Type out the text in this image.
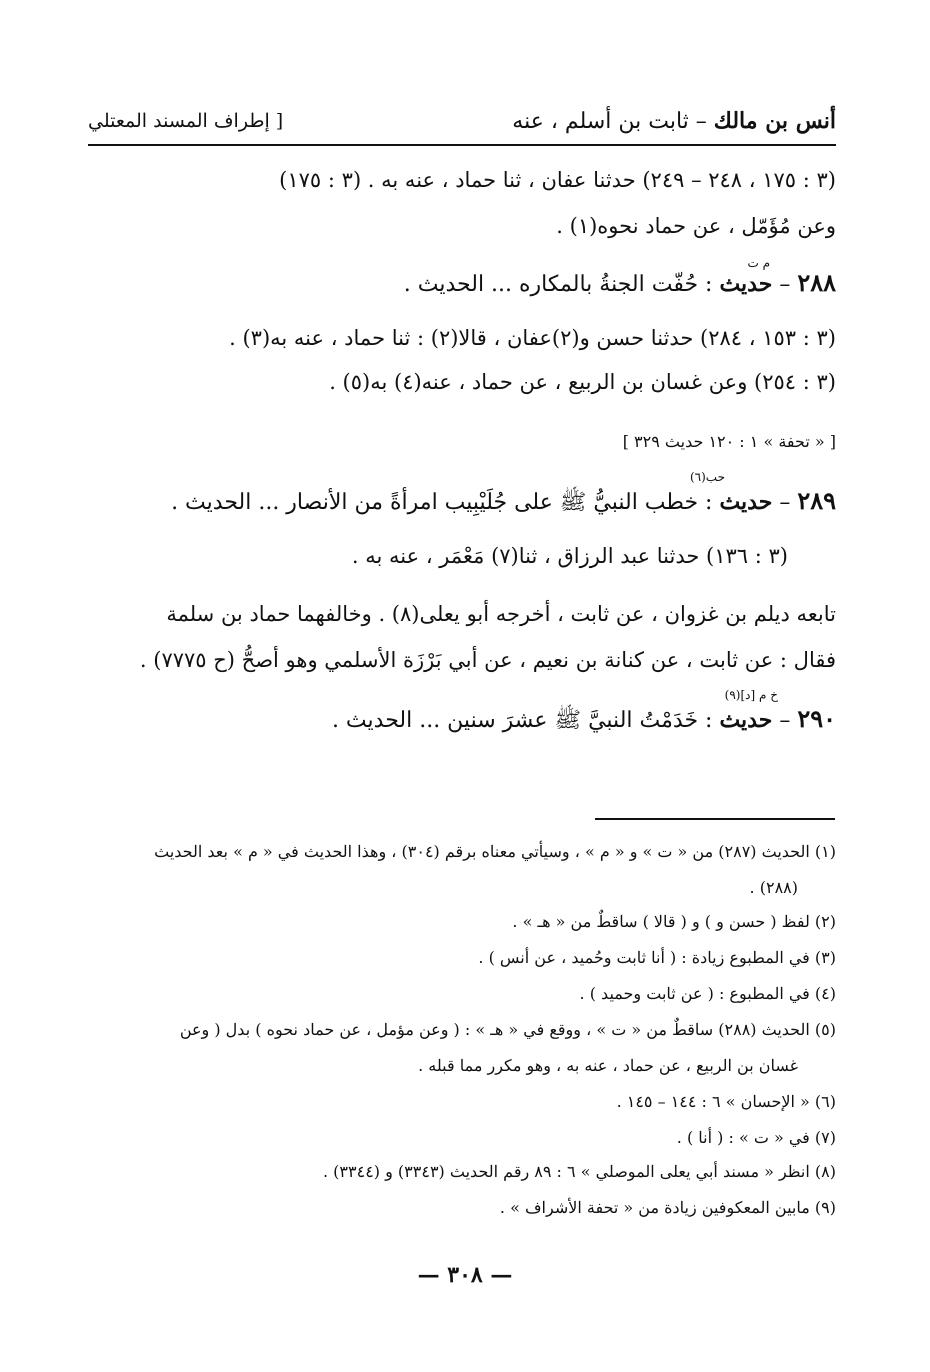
أنس بن مالك – ثابت بن أسلم ، عنه
[ إطراف المسند المعتلي
(٣ : ١٧٥ ، ٢٤٨ – ٢٤٩) حدثنا عفان ، ثنا حماد ، عنه به . (٣ : ١٧٥)
وعن مُؤَمّل ، عن حماد نحوه(١) .
م ت
٢٨٨ – حديث : حُفّت الجنةُ بالمكاره ... الحديث .
(٣ : ١٥٣ ، ٢٨٤) حدثنا حسن و(٢)عفان ، قالا(٢) : ثنا حماد ، عنه به(٣) .
(٣ : ٢٥٤) وعن غسان بن الربيع ، عن حماد ، عنه(٤) به(٥) .
[ « تحفة » ١ : ١٢٠ حديث ٣٢٩ ]
حب(٦)
٢٨٩ – حديث : خطب النبيُّ ﷺ على جُلَيْبِيب امرأةً من الأنصار ... الحديث .
(٣ : ١٣٦) حدثنا عبد الرزاق ، ثنا(٧) مَعْمَر ، عنه به .
تابعه ديلم بن غزوان ، عن ثابت ، أخرجه أبو يعلى(٨) . وخالفهما حماد بن سلمة
فقال : عن ثابت ، عن كنانة بن نعيم ، عن أبي بَرْزَة الأسلمي وهو أصحُّ (ح ٧٧٧٥) .
خ م [د](٩)
٢٩٠ – حديث : خَدَمْتُ النبيَّ ﷺ عشرَ سنين ... الحديث .
(١) الحديث (٢٨٧) من « ت » و « م » ، وسيأتي معناه برقم (٣٠٤) ، وهذا الحديث في « م » بعد الحديث
(٢٨٨) .
(٢) لفظ ( حسن و ) و ( قالا ) ساقطٌ من « هـ » .
(٣) في المطبوع زيادة : ( أنا ثابت وحُميد ، عن أنس ) .
(٤) في المطبوع : ( عن ثابت وحميد ) .
(٥) الحديث (٢٨٨) ساقطٌ من « ت » ، ووقع في « هـ » : ( وعن مؤمل ، عن حماد نحوه ) بدل ( وعن
غسان بن الربيع ، عن حماد ، عنه به ، وهو مكرر مما قبله .
(٦) « الإحسان » ٦ : ١٤٤ – ١٤٥ .
(٧) في « ت » : ( أنا ) .
(٨) انظر « مسند أبي يعلى الموصلي » ٦ : ٨٩ رقم الحديث (٣٣٤٣) و (٣٣٤٤) .
(٩) مابين المعكوفين زيادة من « تحفة الأشراف » .
— ٣٠٨ —
